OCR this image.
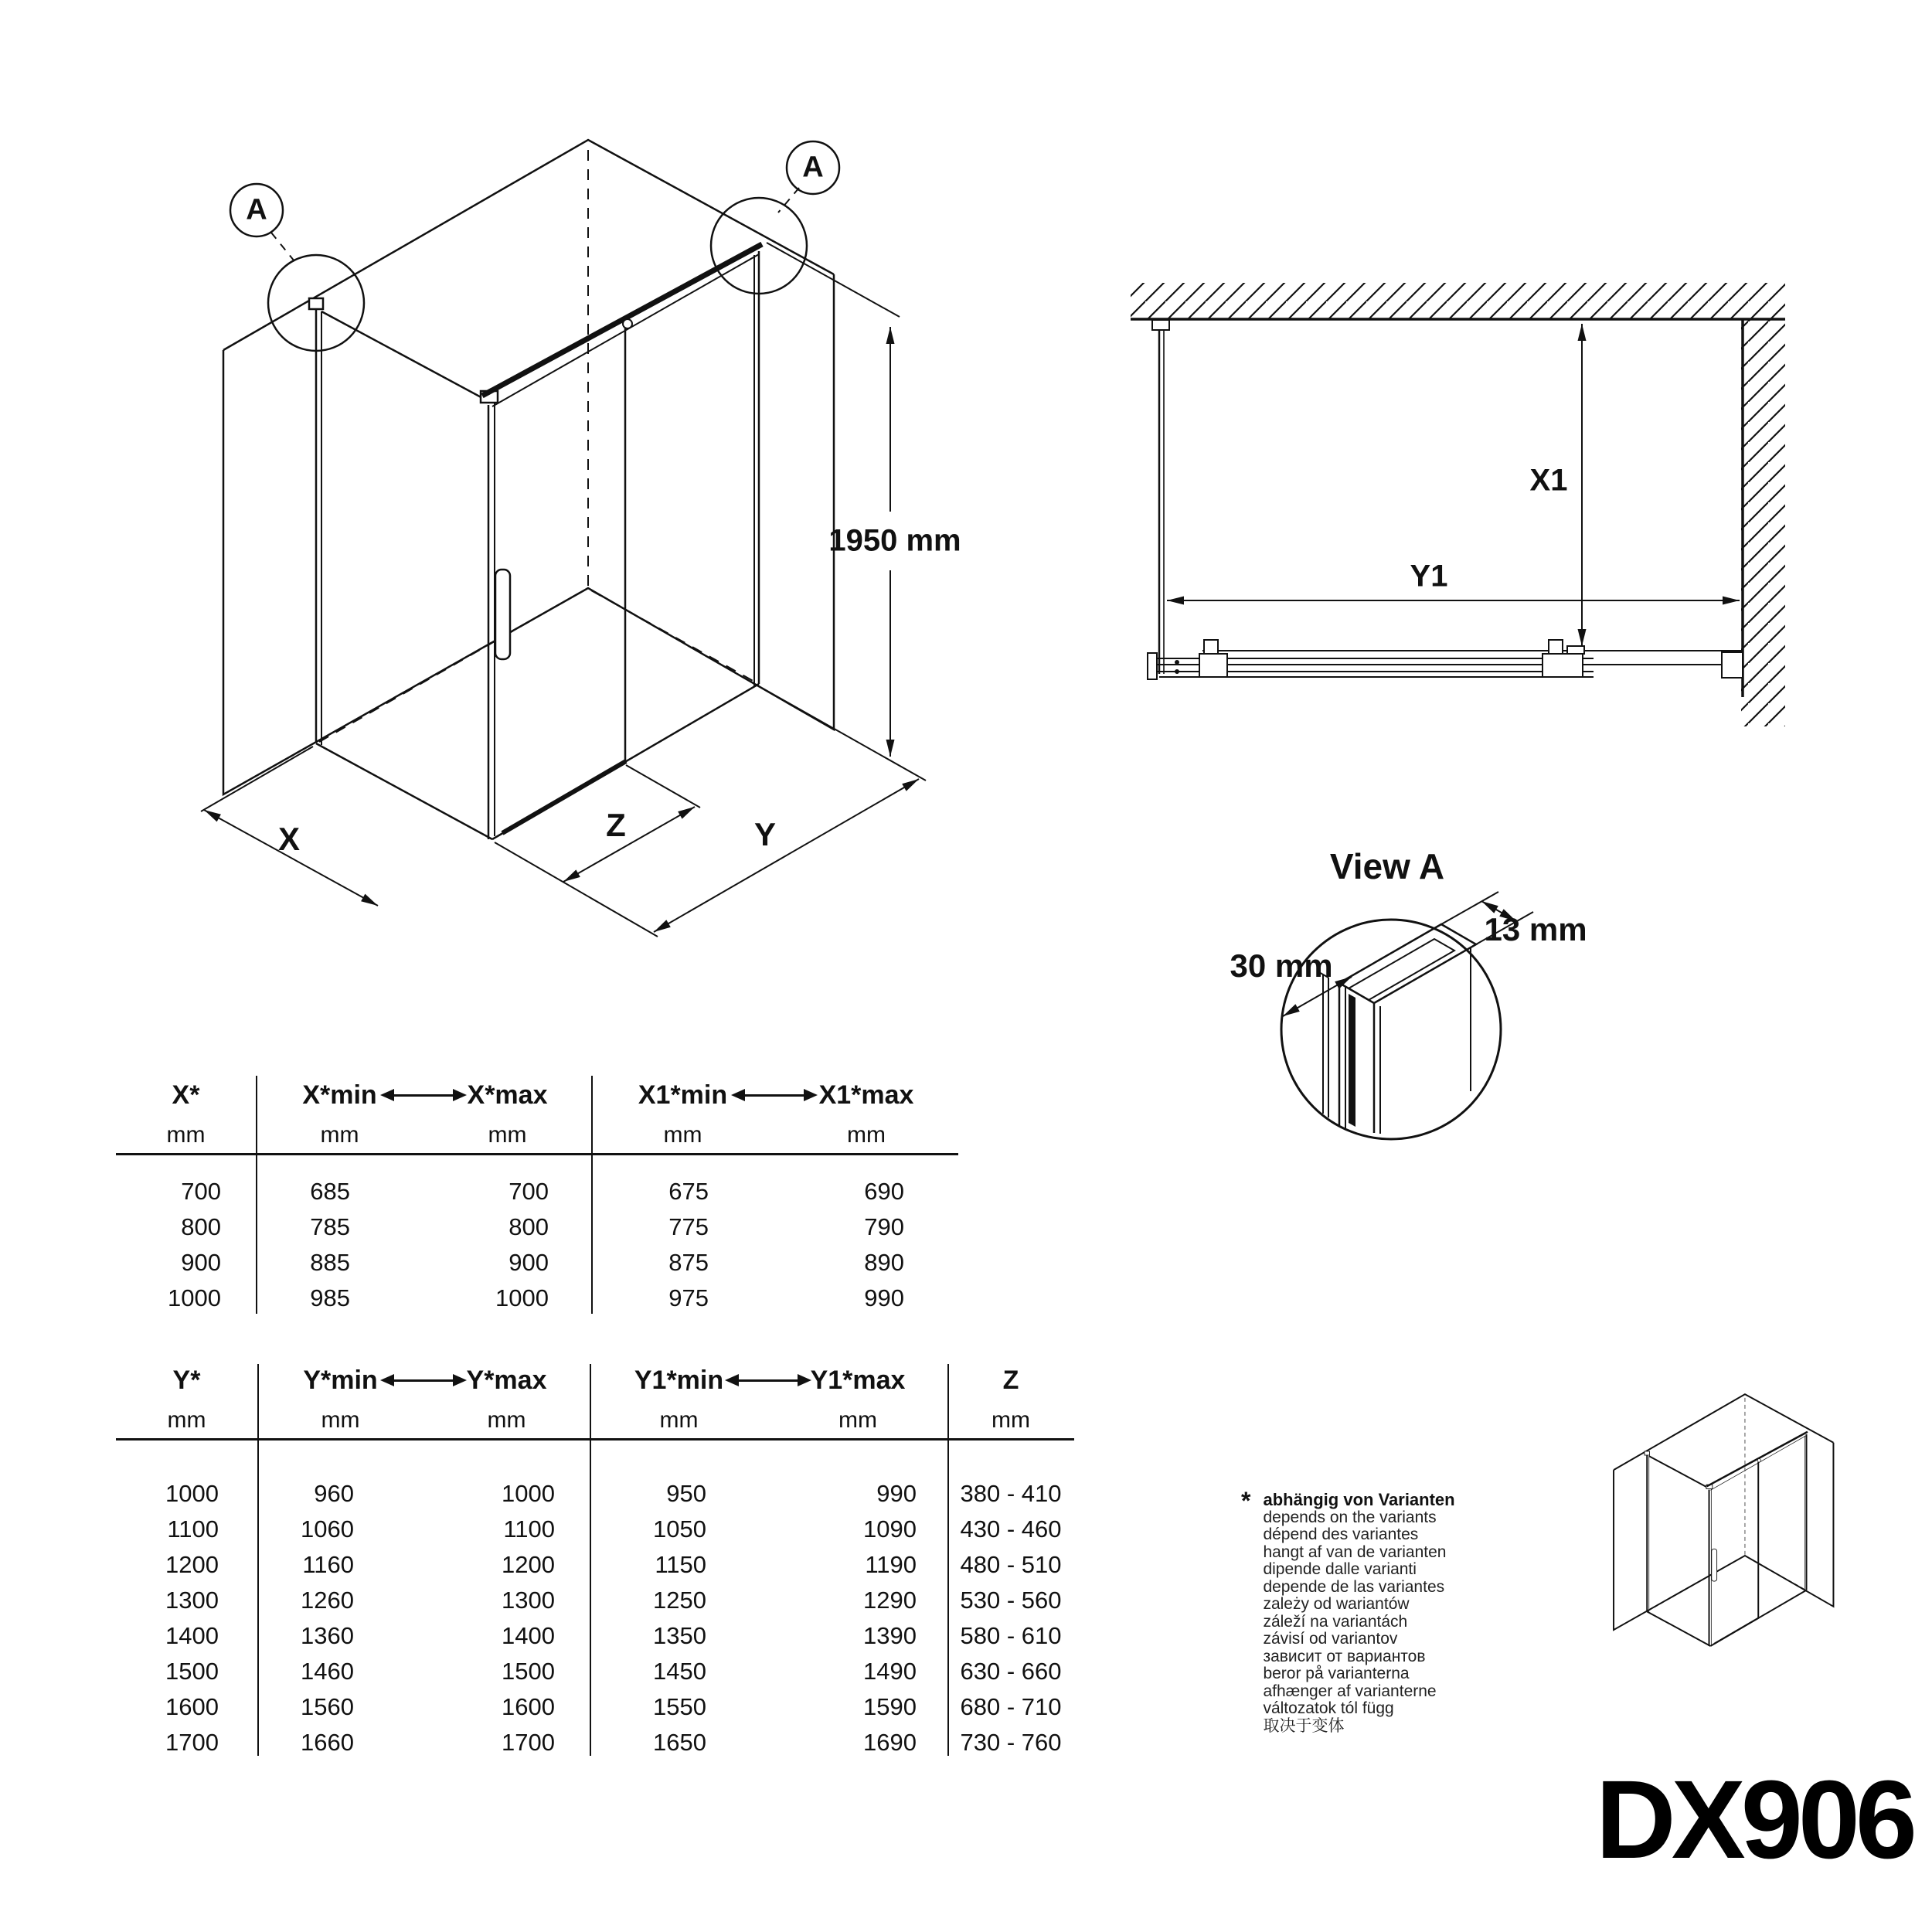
A
A
1950 mm
X	Z	Y
X1
Y1
View A
30 mm
13 mm
X*	X*min	X*max	X1*min	X1*max
mm	mm	mm	mm	mm
700	685	700	675	690
800	785	800	775	790
900	885	900	875	890
1000	985	1000	975	990
Y*	Y*min	Y*max	Y1*min	Y1*max	Z
mm	mm	mm	mm	mm	mm
1000	960	1000	950	990	380 - 410
1100	1060	1100	1050	1090	430 - 460
1200	1160	1200	1150	1190	480 - 510
1300	1260	1300	1250	1290	530 - 560
1400	1360	1400	1350	1390	580 - 610
1500	1460	1500	1450	1490	630 - 660
1600	1560	1600	1550	1590	680 - 710
1700	1660	1700	1650	1690	730 - 760
* abhängig von Varianten
depends on the variants
dépend des variantes
hangt af van de varianten
dipende dalle varianti
depende de las variantes
zależy od wariantów
záleží na variantách
závisí od variantov
зависит от вариантов
beror på varianterna
afhænger af varianterne
változatok tól függ
取决于变体
DX906
